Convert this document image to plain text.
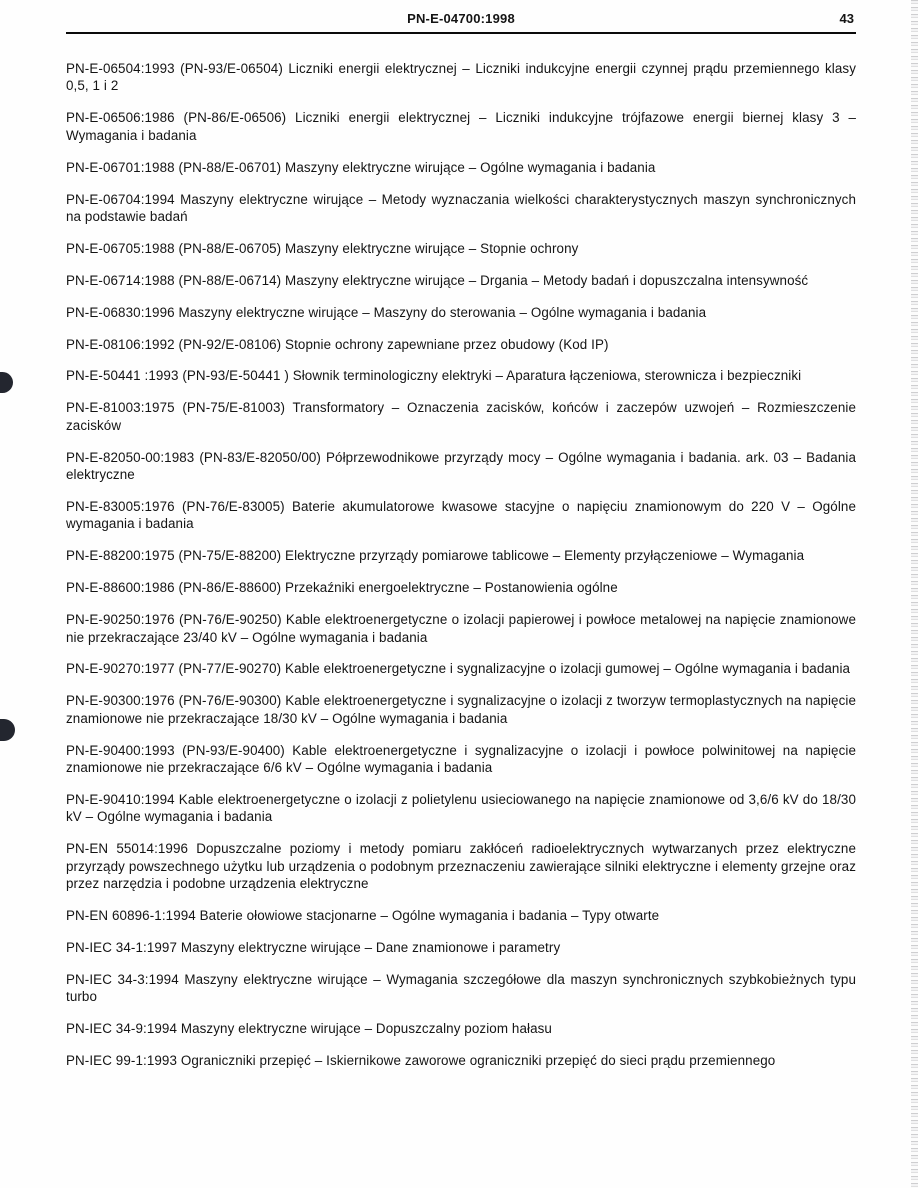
PN-E-04700:1998	43

PN-E-06504:1993 (PN-93/E-06504) Liczniki energii elektrycznej – Liczniki indukcyjne energii czynnej prądu przemiennego klasy 0,5, 1 i 2

PN-E-06506:1986 (PN-86/E-06506) Liczniki energii elektrycznej – Liczniki indukcyjne trójfazowe energii biernej klasy 3 – Wymagania i badania

PN-E-06701:1988 (PN-88/E-06701) Maszyny elektryczne wirujące – Ogólne wymagania i badania

PN-E-06704:1994 Maszyny elektryczne wirujące – Metody wyznaczania wielkości charakterystycznych maszyn synchronicznych na podstawie badań

PN-E-06705:1988 (PN-88/E-06705) Maszyny elektryczne wirujące – Stopnie ochrony

PN-E-06714:1988 (PN-88/E-06714) Maszyny elektryczne wirujące – Drgania – Metody badań i dopuszczalna intensywność

PN-E-06830:1996 Maszyny elektryczne wirujące – Maszyny do sterowania – Ogólne wymagania i badania

PN-E-08106:1992 (PN-92/E-08106) Stopnie ochrony zapewniane przez obudowy (Kod IP)

PN-E-50441 :1993 (PN-93/E-50441 ) Słownik terminologiczny elektryki – Aparatura łączeniowa, sterownicza i bezpieczniki

PN-E-81003:1975 (PN-75/E-81003) Transformatory – Oznaczenia zacisków, końców i zaczepów uzwojeń – Rozmieszczenie zacisków

PN-E-82050-00:1983 (PN-83/E-82050/00) Półprzewodnikowe przyrządy mocy – Ogólne wymagania i badania. ark. 03 – Badania elektryczne

PN-E-83005:1976 (PN-76/E-83005) Baterie akumulatorowe kwasowe stacyjne o napięciu znamionowym do 220 V – Ogólne wymagania i badania

PN-E-88200:1975 (PN-75/E-88200) Elektryczne przyrządy pomiarowe tablicowe – Elementy przyłączeniowe – Wymagania

PN-E-88600:1986 (PN-86/E-88600) Przekaźniki energoelektryczne – Postanowienia ogólne

PN-E-90250:1976 (PN-76/E-90250) Kable elektroenergetyczne o izolacji papierowej i powłoce metalowej na napięcie znamionowe nie przekraczające 23/40 kV – Ogólne wymagania i badania

PN-E-90270:1977 (PN-77/E-90270) Kable elektroenergetyczne i sygnalizacyjne o izolacji gumowej – Ogólne wymagania i badania

PN-E-90300:1976 (PN-76/E-90300) Kable elektroenergetyczne i sygnalizacyjne o izolacji z tworzyw termoplastycznych na napięcie znamionowe nie przekraczające 18/30 kV – Ogólne wymagania i badania

PN-E-90400:1993 (PN-93/E-90400) Kable elektroenergetyczne i sygnalizacyjne o izolacji i powłoce polwinitowej na napięcie znamionowe nie przekraczające 6/6 kV – Ogólne wymagania i badania

PN-E-90410:1994 Kable elektroenergetyczne o izolacji z polietylenu usieciowanego na napięcie znamionowe od 3,6/6 kV do 18/30 kV – Ogólne wymagania i badania

PN-EN 55014:1996 Dopuszczalne poziomy i metody pomiaru zakłóceń radioelektrycznych wytwarzanych przez elektryczne przyrządy powszechnego użytku lub urządzenia o podobnym przeznaczeniu zawierające silniki elektryczne i elementy grzejne oraz przez narzędzia i podobne urządzenia elektryczne

PN-EN 60896-1:1994 Baterie ołowiowe stacjonarne – Ogólne wymagania i badania – Typy otwarte

PN-IEC 34-1:1997 Maszyny elektryczne wirujące – Dane znamionowe i parametry

PN-IEC 34-3:1994 Maszyny elektryczne wirujące – Wymagania szczegółowe dla maszyn synchronicznych szybkobieżnych typu turbo

PN-IEC 34-9:1994 Maszyny elektryczne wirujące – Dopuszczalny poziom hałasu

PN-IEC 99-1:1993 Ograniczniki przepięć – Iskiernikowe zaworowe ograniczniki przepięć do sieci prądu przemiennego
